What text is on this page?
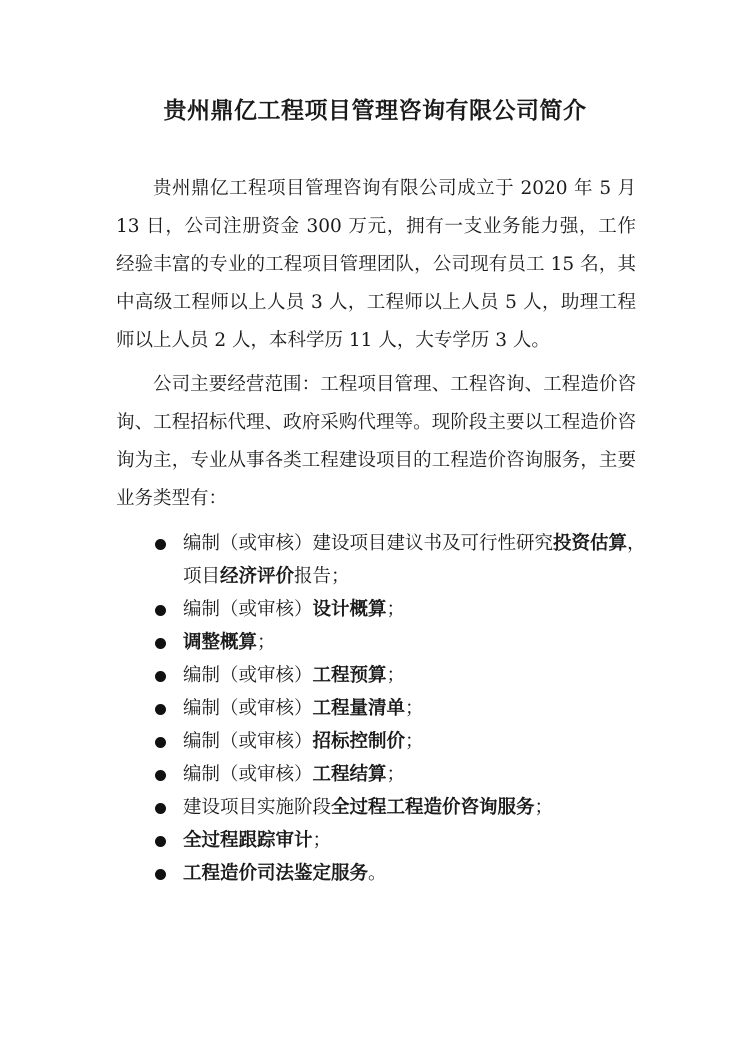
贵州鼎亿工程项目管理咨询有限公司简介

贵州鼎亿工程项目管理咨询有限公司成立于 2020 年 5 月 13 日，公司注册资金 300 万元，拥有一支业务能力强，工作经验丰富的专业的工程项目管理团队，公司现有员工 15 名，其中高级工程师以上人员 3 人，工程师以上人员 5 人，助理工程师以上人员 2 人，本科学历 11 人，大专学历 3 人。

公司主要经营范围：工程项目管理、工程咨询、工程造价咨询、工程招标代理、政府采购代理等。现阶段主要以工程造价咨询为主，专业从事各类工程建设项目的工程造价咨询服务，主要业务类型有：

编制（或审核）建设项目建议书及可行性研究投资估算，项目经济评价报告；
编制（或审核）设计概算；
调整概算；
编制（或审核）工程预算；
编制（或审核）工程量清单；
编制（或审核）招标控制价；
编制（或审核）工程结算；
建设项目实施阶段全过程工程造价咨询服务；
全过程跟踪审计；
工程造价司法鉴定服务。
